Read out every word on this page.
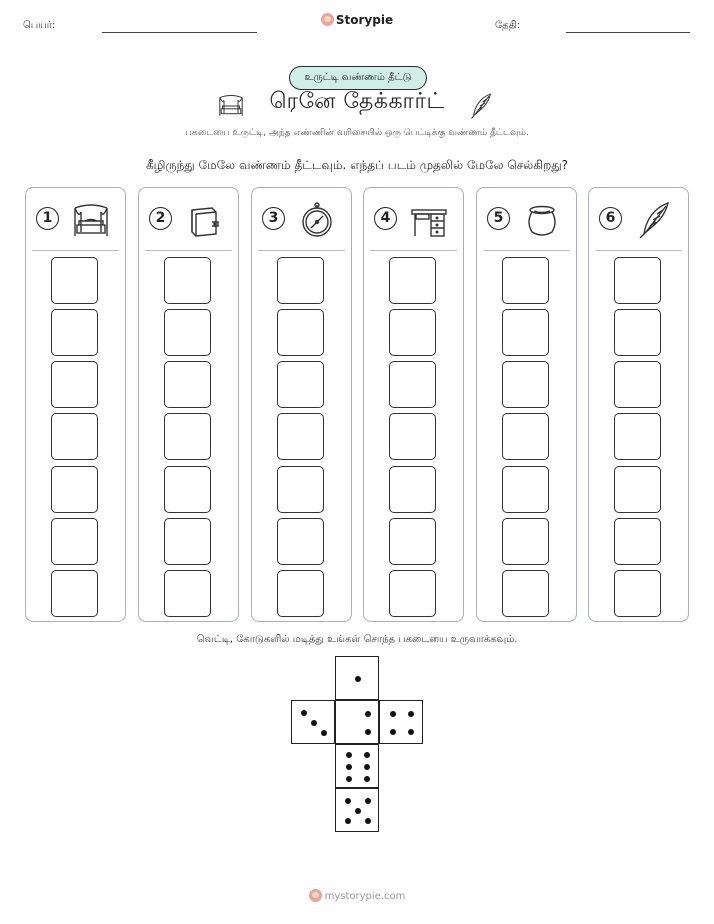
பெயர்:	Storypie	தேதி:
உருட்டி வண்ணம் தீட்டு
ரெனே தேக்கார்ட்
பகடையை உருட்டி, அந்த எண்ணின் வரிசையில் ஒரு பெட்டிக்கு வண்ணம் தீட்டவும்.
கீழிருந்து மேலே வண்ணம் தீட்டவும். எந்தப் படம் முதலில் மேலே செல்கிறது?
1	2	3	4	5	6
வெட்டி, கோடுகளில் மடித்து உங்கள் சொந்த பகடையை உருவாக்கவும்.
mystorypie.com
